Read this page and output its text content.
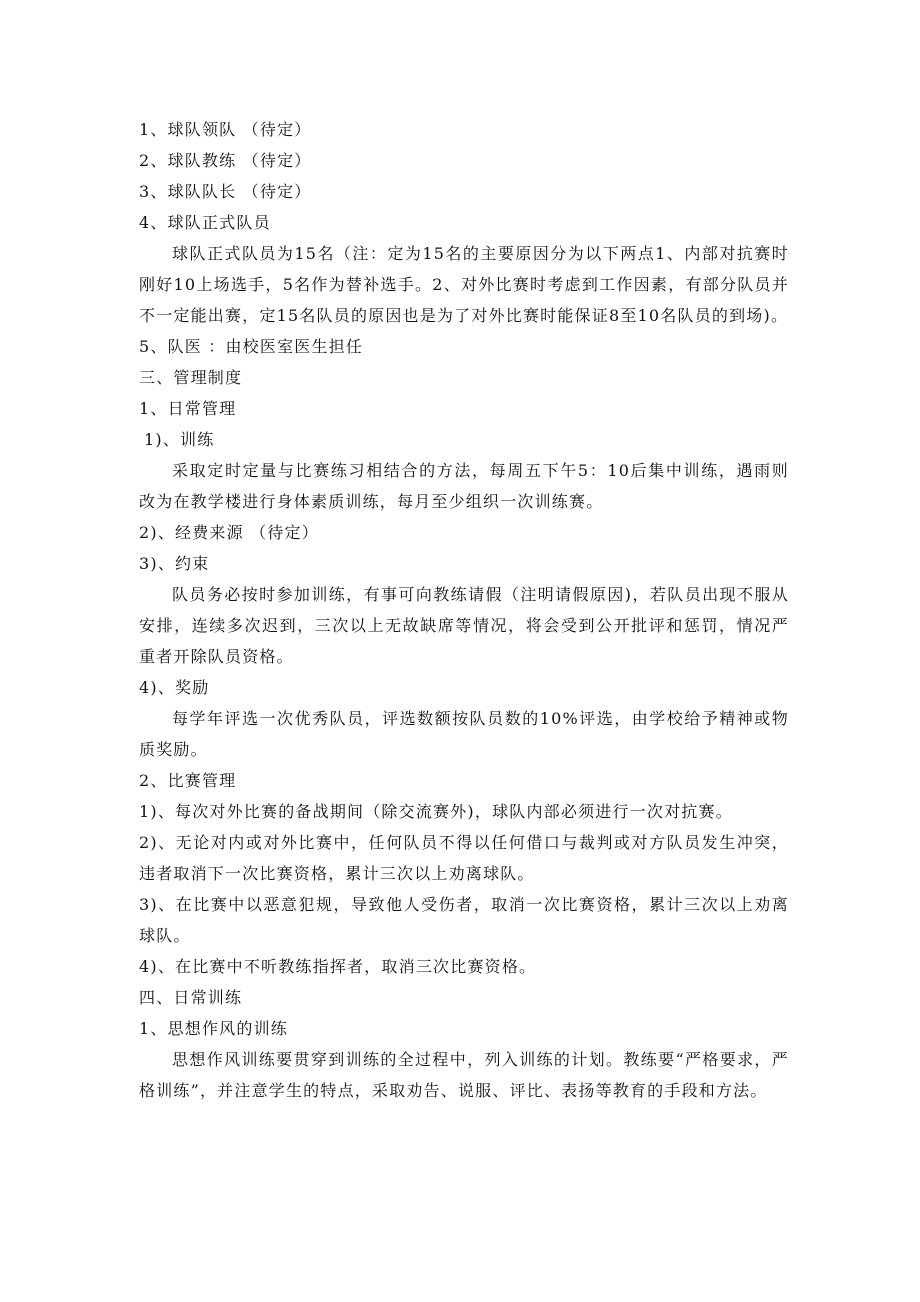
1、球队领队 （待定）
2、球队教练 （待定）
3、球队队长 （待定）
4、球队正式队员
球队正式队员为15名（注：定为15名的主要原因分为以下两点1、内部对抗赛时刚好10上场选手，5名作为替补选手。2、对外比赛时考虑到工作因素，有部分队员并不一定能出赛，定15名队员的原因也是为了对外比赛时能保证8至10名队员的到场)。
5、队医 ：由校医室医生担任
三、管理制度
1、日常管理
1)、训练
采取定时定量与比赛练习相结合的方法，每周五下午5：10后集中训练，遇雨则改为在教学楼进行身体素质训练，每月至少组织一次训练赛。
2)、经费来源 （待定）
3)、约束
队员务必按时参加训练，有事可向教练请假（注明请假原因)，若队员出现不服从安排，连续多次迟到，三次以上无故缺席等情况，将会受到公开批评和惩罚，情况严重者开除队员资格。
4)、奖励
每学年评选一次优秀队员，评选数额按队员数的10%评选，由学校给予精神或物质奖励。
2、比赛管理
1)、每次对外比赛的备战期间（除交流赛外)，球队内部必须进行一次对抗赛。
2)、无论对内或对外比赛中，任何队员不得以任何借口与裁判或对方队员发生冲突，违者取消下一次比赛资格，累计三次以上劝离球队。
3)、在比赛中以恶意犯规，导致他人受伤者，取消一次比赛资格，累计三次以上劝离球队。
4)、在比赛中不听教练指挥者，取消三次比赛资格。
四、日常训练
1、思想作风的训练
思想作风训练要贯穿到训练的全过程中，列入训练的计划。教练要“严格要求，严格训练”，并注意学生的特点，采取劝告、说服、评比、表扬等教育的手段和方法。
